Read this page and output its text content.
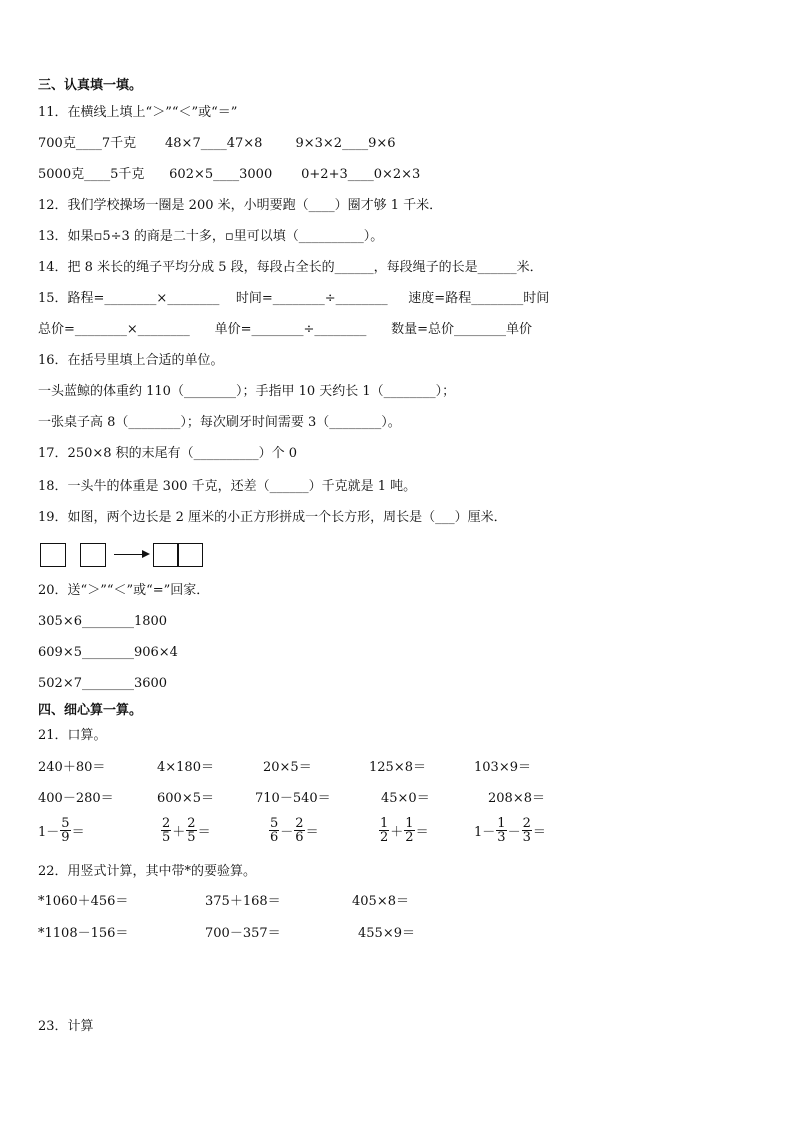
三、认真填一填。
11．在横线上填上“＞”“＜”或“＝”
700克____7千克       48×7____47×8        9×3×2____9×6
5000克____5千克      602×5____3000       0+2+3____0×2×3
12．我们学校操场一圈是 200 米，小明要跑（____）圈才够 1 千米．
13．如果▫5÷3 的商是二十多，▫里可以填（__________）。
14．把 8 米长的绳子平均分成 5 段，每段占全长的______，每段绳子的长是______米．
15．路程=________×________    时间=________÷________     速度=路程________时间
总价=________×________      单价=________÷________      数量=总价________单价
16．在括号里填上合适的单位。
一头蓝鲸的体重约 110（________）；手指甲 10 天约长 1（________）；
一张桌子高 8（________）；每次刷牙时间需要 3（________）。
17．250×8 积的末尾有（__________）个 0
18．一头牛的体重是 300 千克，还差（______）千克就是 1 吨。
19．如图，两个边长是 2 厘米的小正方形拼成一个长方形，周长是（___）厘米．
20．送“＞”“＜”或“=”回家．
305×6________1800
609×5________906×4
502×7________3600
四、细心算一算。
21．口算。
240＋80＝	4×180＝	20×5＝	125×8＝	103×9＝
400－280＝	600×5＝	710－540＝	45×0＝	208×8＝
$1- \frac{5}{9}$ ＝	$\frac{2}{5} + \frac{2}{5}$ ＝	$\frac{5}{6} - \frac{2}{6}$ ＝	$\frac{1}{2} + \frac{1}{2}$ ＝	$1- \frac{1}{3} - \frac{2}{3}$ ＝
22．用竖式计算，其中带*的要验算。
*1060＋456＝	375＋168＝	405×8＝
*1108－156＝	700－357＝	455×9＝
23．计算
